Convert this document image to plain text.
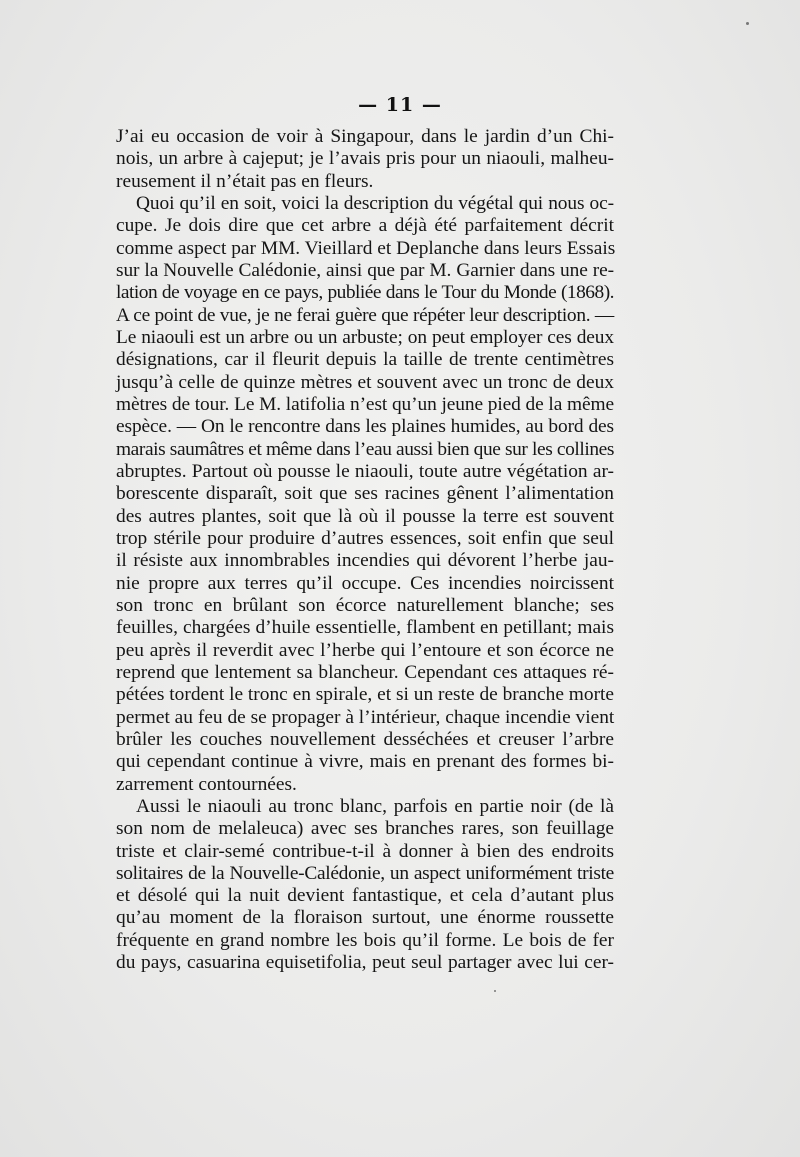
— 11 —
J’ai eu occasion de voir à Singapour, dans le jardin d’un Chi-
nois, un arbre à cajeput; je l’avais pris pour un niaouli, malheu-
reusement il n’était pas en fleurs.
Quoi qu’il en soit, voici la description du végétal qui nous oc-
cupe. Je dois dire que cet arbre a déjà été parfaitement décrit
comme aspect par MM. Vieillard et Deplanche dans leurs Essais
sur la Nouvelle Calédonie, ainsi que par M. Garnier dans une re-
lation de voyage en ce pays, publiée dans le Tour du Monde (1868).
A ce point de vue, je ne ferai guère que répéter leur description. —
Le niaouli est un arbre ou un arbuste; on peut employer ces deux
désignations, car il fleurit depuis la taille de trente centimètres
jusqu’à celle de quinze mètres et souvent avec un tronc de deux
mètres de tour. Le M. latifolia n’est qu’un jeune pied de la même
espèce. — On le rencontre dans les plaines humides, au bord des
marais saumâtres et même dans l’eau aussi bien que sur les collines
abruptes. Partout où pousse le niaouli, toute autre végétation ar-
borescente disparaît, soit que ses racines gênent l’alimentation
des autres plantes, soit que là où il pousse la terre est souvent
trop stérile pour produire d’autres essences, soit enfin que seul
il résiste aux innombrables incendies qui dévorent l’herbe jau-
nie propre aux terres qu’il occupe. Ces incendies noircissent
son tronc en brûlant son écorce naturellement blanche; ses
feuilles, chargées d’huile essentielle, flambent en petillant; mais
peu après il reverdit avec l’herbe qui l’entoure et son écorce ne
reprend que lentement sa blancheur. Cependant ces attaques ré-
pétées tordent le tronc en spirale, et si un reste de branche morte
permet au feu de se propager à l’intérieur, chaque incendie vient
brûler les couches nouvellement desséchées et creuser l’arbre
qui cependant continue à vivre, mais en prenant des formes bi-
zarrement contournées.
Aussi le niaouli au tronc blanc, parfois en partie noir (de là
son nom de melaleuca) avec ses branches rares, son feuillage
triste et clair-semé contribue-t-il à donner à bien des endroits
solitaires de la Nouvelle-Calédonie, un aspect uniformément triste
et désolé qui la nuit devient fantastique, et cela d’autant plus
qu’au moment de la floraison surtout, une énorme roussette
fréquente en grand nombre les bois qu’il forme. Le bois de fer
du pays, casuarina equisetifolia, peut seul partager avec lui cer-
